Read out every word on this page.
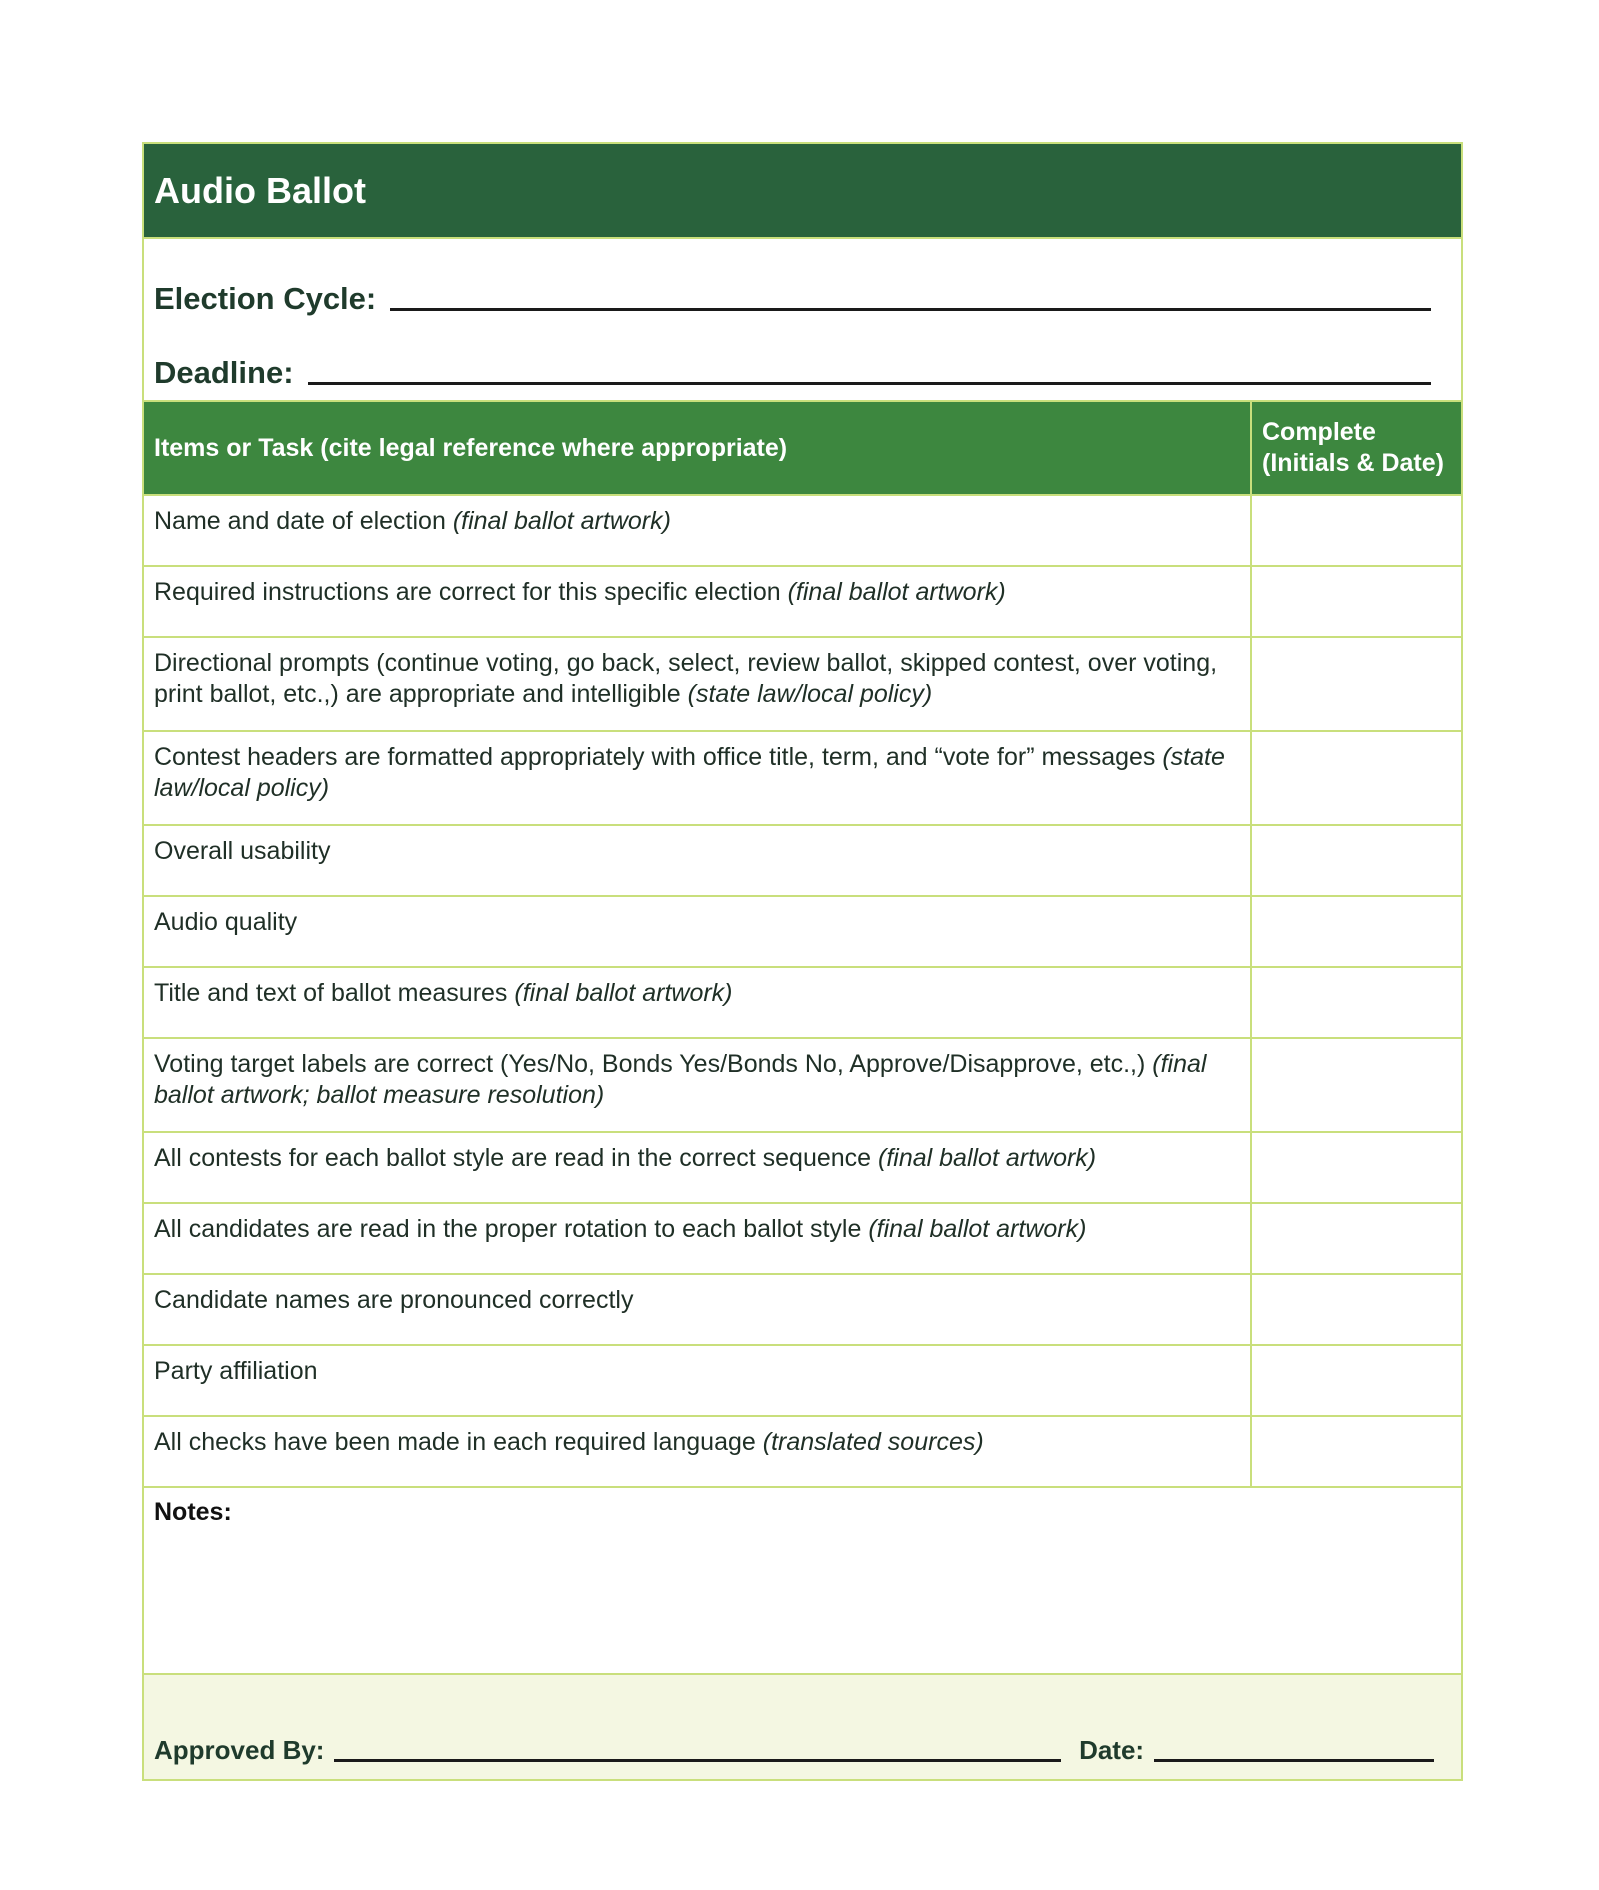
Audio Ballot
Election Cycle:
Deadline:
Items or Task (cite legal reference where appropriate)	Complete (Initials & Date)
Name and date of election (final ballot artwork)	
Required instructions are correct for this specific election (final ballot artwork)	
Directional prompts (continue voting, go back, select, review ballot, skipped contest, over voting, print ballot, etc.,) are appropriate and intelligible (state law/local policy)	
Contest headers are formatted appropriately with office title, term, and “vote for” messages (state law/local policy)	
Overall usability	
Audio quality	
Title and text of ballot measures (final ballot artwork)	
Voting target labels are correct (Yes/No, Bonds Yes/Bonds No, Approve/Disapprove, etc.,) (final ballot artwork; ballot measure resolution)	
All contests for each ballot style are read in the correct sequence (final ballot artwork)	
All candidates are read in the proper rotation to each ballot style (final ballot artwork)	
Candidate names are pronounced correctly	
Party affiliation	
All checks have been made in each required language (translated sources)	
Notes:
Approved By:	Date:
